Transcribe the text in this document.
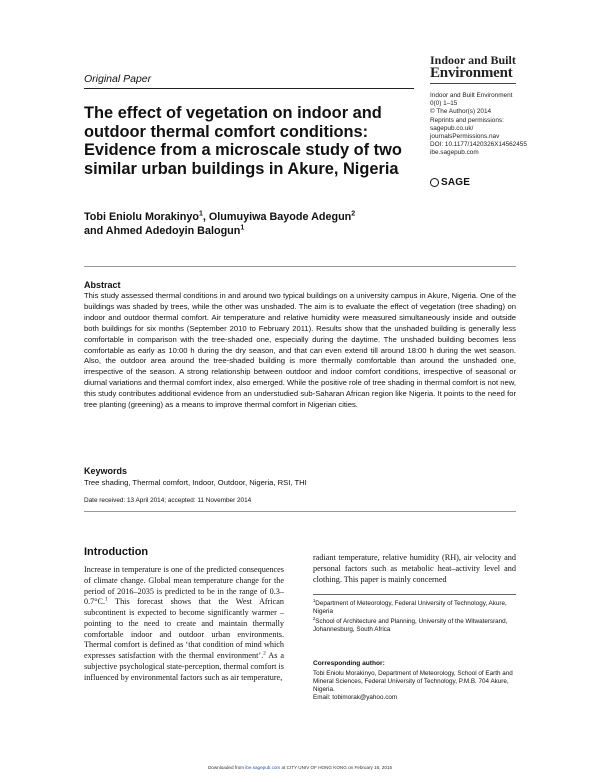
Original Paper
Indoor and Built
Environment
Indoor and Built Environment
0(0) 1–15
© The Author(s) 2014
Reprints and permissions:
sagepub.co.uk/
journalsPermissions.nav
DOI: 10.1177/1420326X14562455
ibe.sagepub.com
SAGE
The effect of vegetation on indoor and outdoor thermal comfort conditions: Evidence from a microscale study of two similar urban buildings in Akure, Nigeria
Tobi Eniolu Morakinyo$^1$, Olumuyiwa Bayode Adegun$^2$
and Ahmed Adedoyin Balogun$^1$
Abstract
This study assessed thermal conditions in and around two typical buildings on a university campus in Akure, Nigeria. One of the buildings was shaded by trees, while the other was unshaded. The aim is to evaluate the effect of vegetation (tree shading) on indoor and outdoor thermal comfort. Air temperature and relative humidity were measured simultaneously inside and outside both buildings for six months (September 2010 to February 2011). Results show that the unshaded building is generally less comfortable in comparison with the tree-shaded one, especially during the daytime. The unshaded building becomes less comfortable as early as 10:00 h during the dry season, and that can even extend till around 18:00 h during the wet season. Also, the outdoor area around the tree-shaded building is more thermally comfortable than around the unshaded one, irrespective of the season. A strong relationship between outdoor and indoor comfort conditions, irrespective of seasonal or diurnal variations and thermal comfort index, also emerged. While the positive role of tree shading in thermal comfort is not new, this study contributes additional evidence from an understudied sub-Saharan African region like Nigeria. It points to the need for tree planting (greening) as a means to improve thermal comfort in Nigerian cities.
Keywords
Tree shading, Thermal comfort, Indoor, Outdoor, Nigeria, RSI, THI
Date received: 13 April 2014; accepted: 11 November 2014
Introduction
Increase in temperature is one of the predicted consequences of climate change. Global mean temperature change for the period of 2016–2035 is predicted to be in the range of 0.3–0.7°C.$^1$ This forecast shows that the West African subcontinent is expected to become significantly warmer – pointing to the need to create and maintain thermally comfortable indoor and outdoor urban environments. Thermal comfort is defined as ‘that condition of mind which expresses satisfaction with the thermal environment’.$^2$ As a subjective psychological state-perception, thermal comfort is influenced by environmental factors such as air temperature,
radiant temperature, relative humidity (RH), air velocity and personal factors such as metabolic heat–activity level and clothing. This paper is mainly concerned
$^1$Department of Meteorology, Federal University of Technology, Akure, Nigeria
$^2$School of Architecture and Planning, University of the Witwatersrand, Johannesburg, South Africa
Corresponding author:
Tobi Eniolu Morakinyo, Department of Meteorology, School of Earth and Mineral Sciences, Federal University of Technology, P.M.B. 704 Akure, Nigeria.
Email: tobimorak@yahoo.com
Downloaded from ibe.sagepub.com at CITY UNIV OF HONG KONG on February 16, 2015
